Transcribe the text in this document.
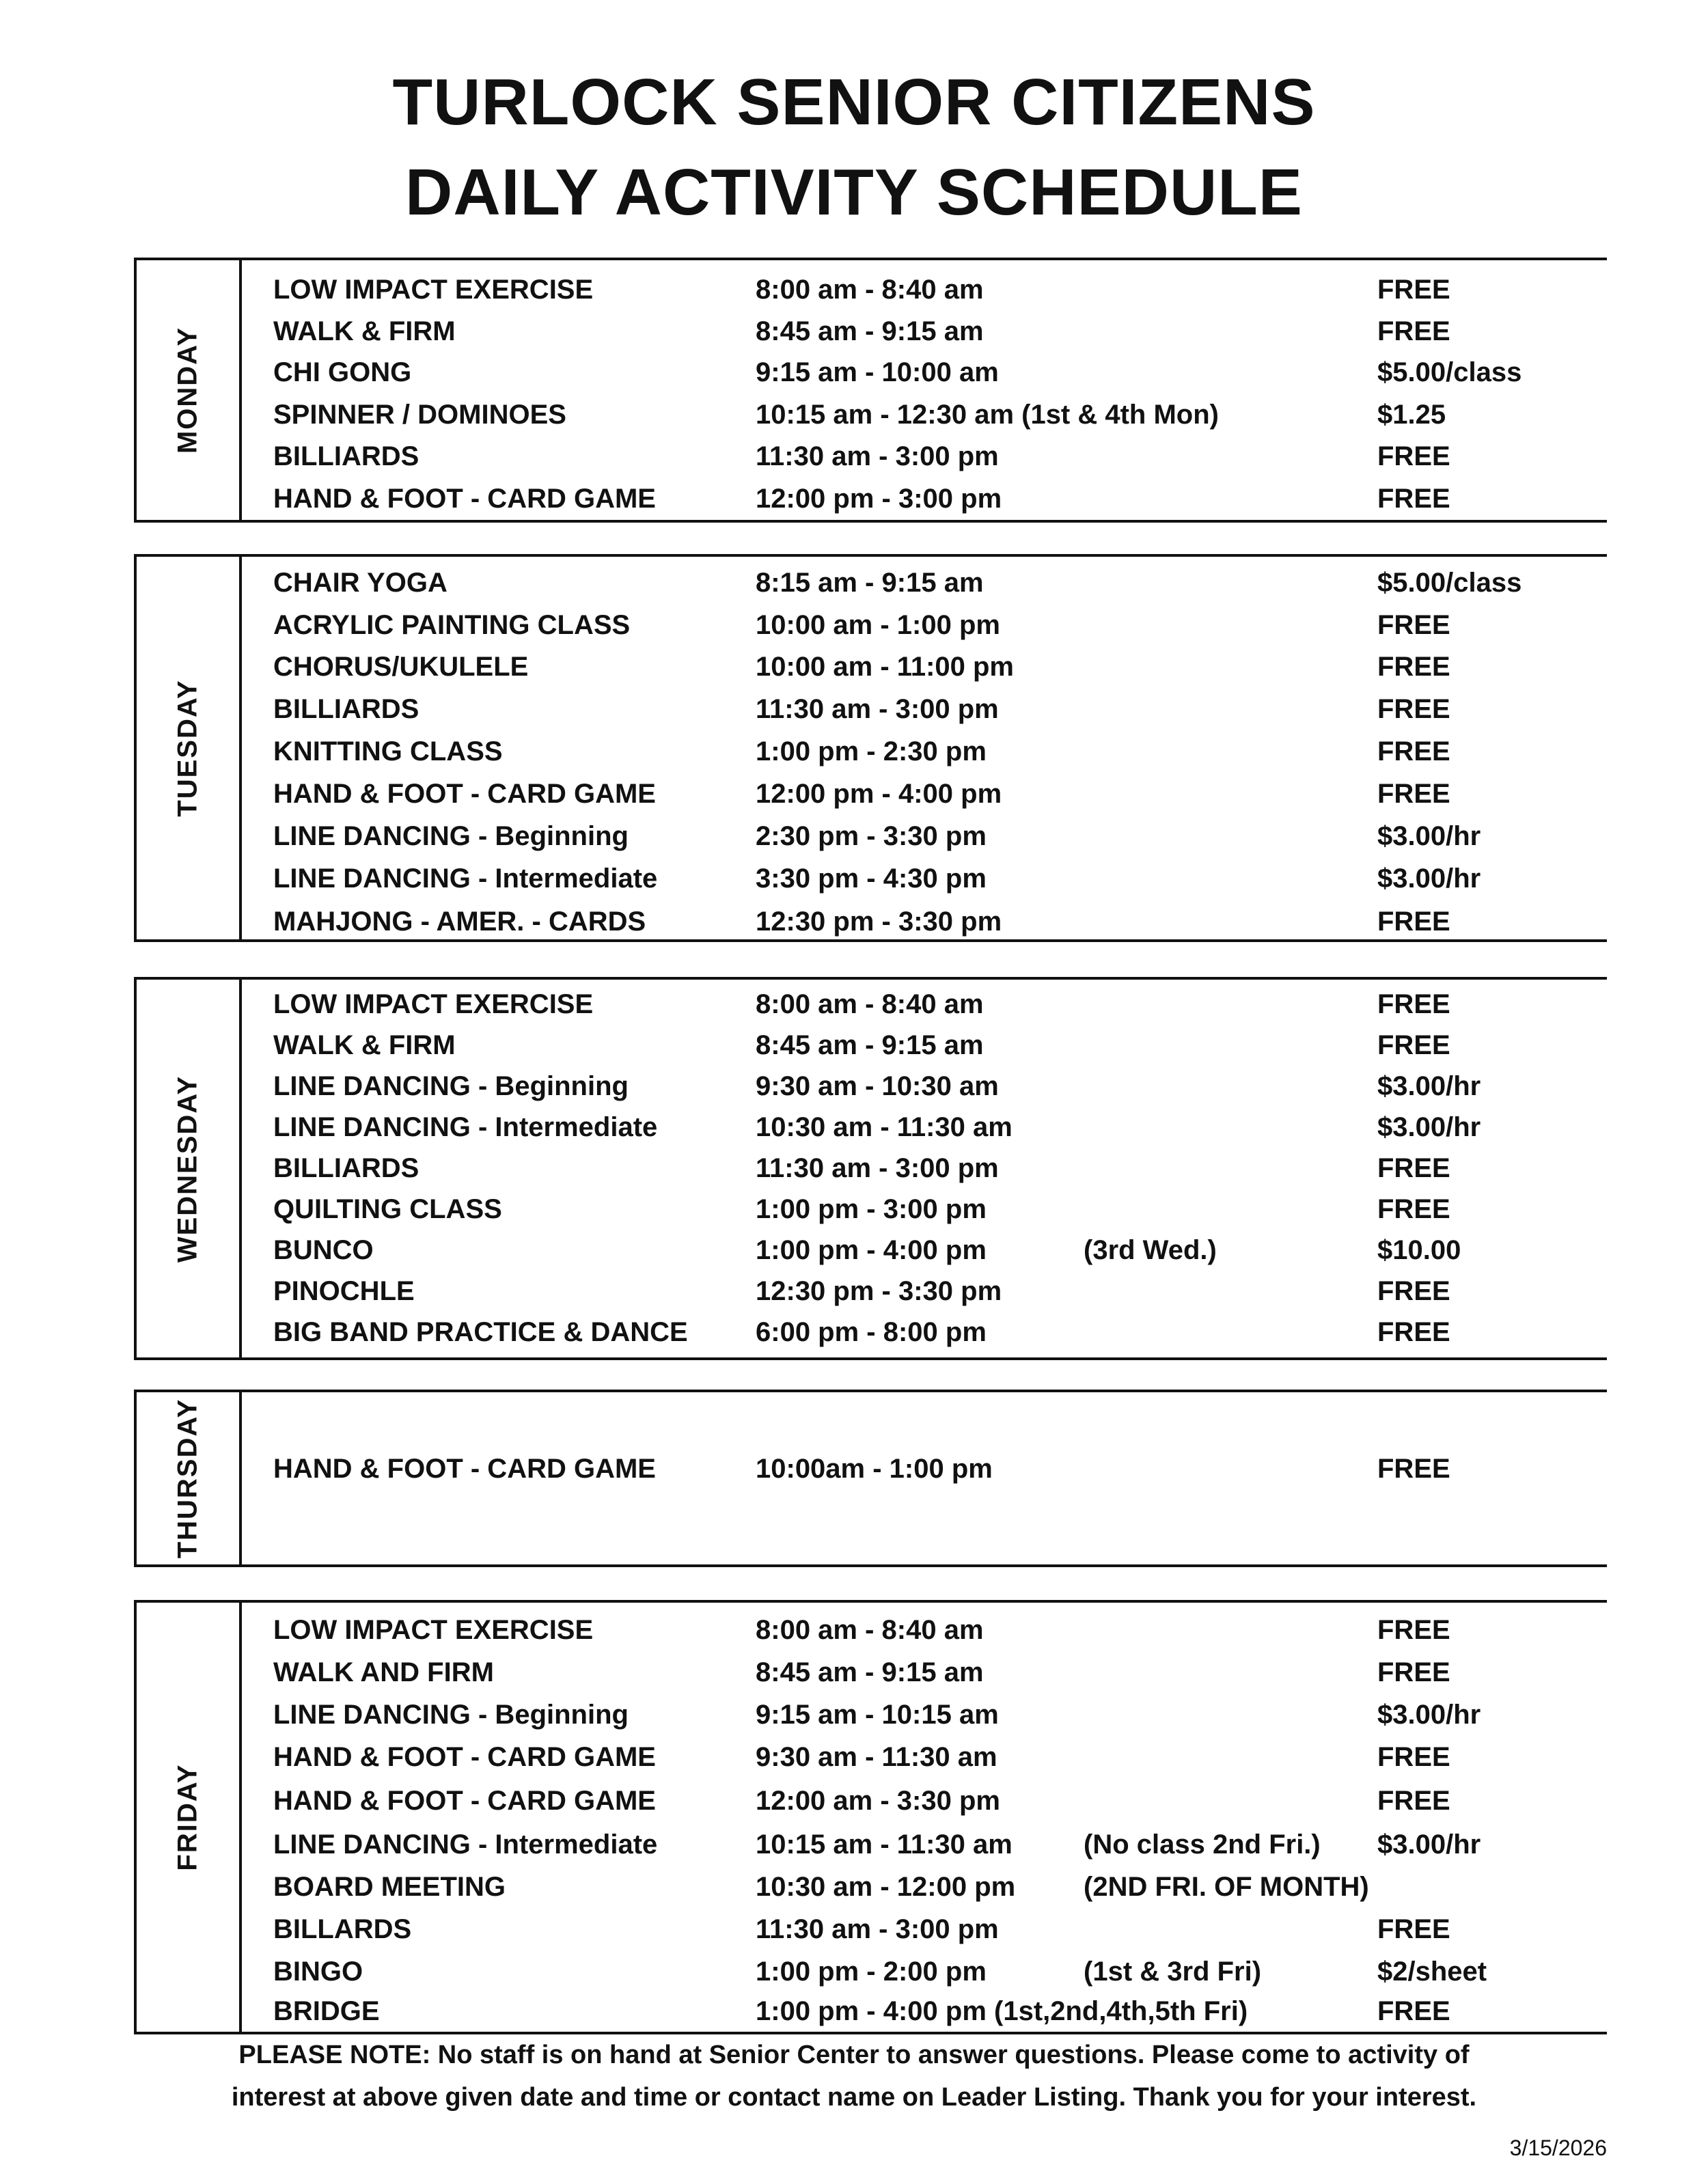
TURLOCK SENIOR CITIZENS
DAILY ACTIVITY SCHEDULE
MONDAY
LOW IMPACT EXERCISE	8:00 am - 8:40 am	FREE
WALK & FIRM	8:45 am - 9:15 am	FREE
CHI GONG	9:15 am - 10:00 am	$5.00/class
SPINNER / DOMINOES	10:15 am - 12:30 am (1st & 4th Mon)	$1.25
BILLIARDS	11:30 am - 3:00 pm	FREE
HAND & FOOT - CARD GAME	12:00 pm - 3:00 pm	FREE
TUESDAY
CHAIR YOGA	8:15 am - 9:15 am	$5.00/class
ACRYLIC PAINTING CLASS	10:00 am - 1:00 pm	FREE
CHORUS/UKULELE	10:00 am - 11:00 pm	FREE
BILLIARDS	11:30 am - 3:00 pm	FREE
KNITTING CLASS	1:00 pm - 2:30 pm	FREE
HAND & FOOT - CARD GAME	12:00 pm - 4:00 pm	FREE
LINE DANCING - Beginning	2:30 pm - 3:30 pm	$3.00/hr
LINE DANCING - Intermediate	3:30 pm - 4:30 pm	$3.00/hr
MAHJONG - AMER. - CARDS	12:30 pm - 3:30 pm	FREE
WEDNESDAY
LOW IMPACT EXERCISE	8:00 am - 8:40 am	FREE
WALK & FIRM	8:45 am - 9:15 am	FREE
LINE DANCING - Beginning	9:30 am - 10:30 am	$3.00/hr
LINE DANCING - Intermediate	10:30 am - 11:30 am	$3.00/hr
BILLIARDS	11:30 am - 3:00 pm	FREE
QUILTING CLASS	1:00 pm - 3:00 pm	FREE
BUNCO	1:00 pm - 4:00 pm	(3rd Wed.)	$10.00
PINOCHLE	12:30 pm - 3:30 pm	FREE
BIG BAND PRACTICE & DANCE 6:00 pm - 8:00 pm	FREE
THURSDAY	HAND & FOOT - CARD GAME	10:00am - 1:00 pm	FREE
FRIDAY
LOW IMPACT EXERCISE	8:00 am - 8:40 am	FREE
WALK AND FIRM	8:45 am - 9:15 am	FREE
LINE DANCING - Beginning	9:15 am - 10:15 am	$3.00/hr
HAND & FOOT - CARD GAME	9:30 am - 11:30 am	FREE
HAND & FOOT - CARD GAME	12:00 am - 3:30 pm	FREE
LINE DANCING - Intermediate	10:15 am - 11:30 am	(No class 2nd Fri.) $3.00/hr
BOARD MEETING	10:30 am - 12:00 pm (2ND FRI. OF MONTH)
BILLARDS	11:30 am - 3:00 pm	FREE
BINGO	1:00 pm - 2:00 pm	(1st & 3rd Fri)	$2/sheet
BRIDGE	1:00 pm - 4:00 pm (1st,2nd,4th,5th Fri)	FREE
PLEASE NOTE: No staff is on hand at Senior Center to answer questions. Please come to activity of
interest at above given date and time or contact name on Leader Listing. Thank you for your interest.
3/15/2026
